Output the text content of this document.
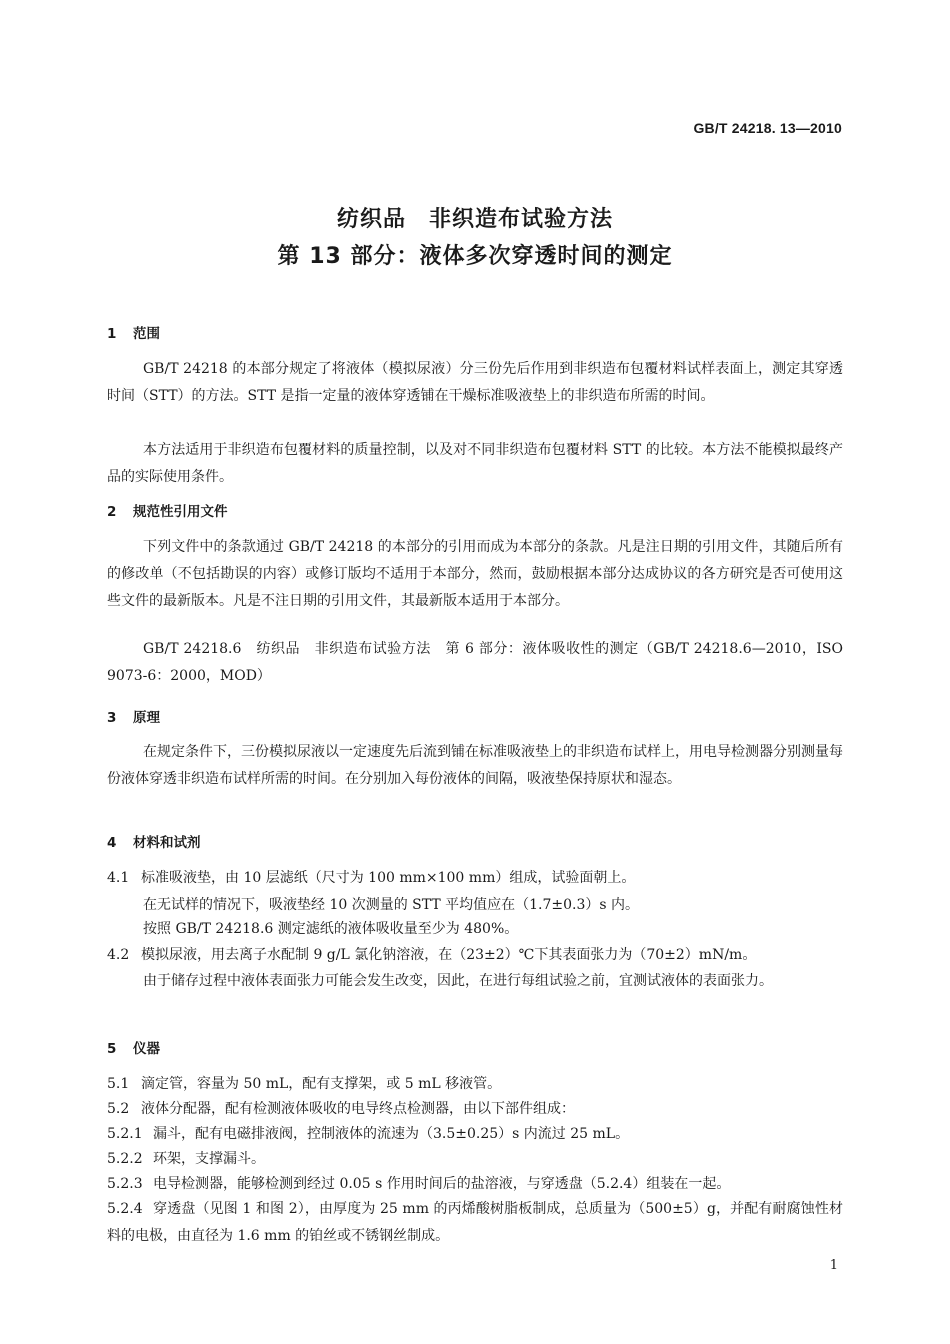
GB/T 24218. 13—2010
纺织品　非织造布试验方法
第 13 部分：液体多次穿透时间的测定
1 范围
GB/T 24218 的本部分规定了将液体（模拟尿液）分三份先后作用到非织造布包覆材料试样表面上，测定其穿透时间（STT）的方法。STT 是指一定量的液体穿透铺在干燥标准吸液垫上的非织造布所需的时间。
本方法适用于非织造布包覆材料的质量控制，以及对不同非织造布包覆材料 STT 的比较。本方法不能模拟最终产品的实际使用条件。
2 规范性引用文件
下列文件中的条款通过 GB/T 24218 的本部分的引用而成为本部分的条款。凡是注日期的引用文件，其随后所有的修改单（不包括勘误的内容）或修订版均不适用于本部分，然而，鼓励根据本部分达成协议的各方研究是否可使用这些文件的最新版本。凡是不注日期的引用文件，其最新版本适用于本部分。
GB/T 24218.6　纺织品　非织造布试验方法　第 6 部分：液体吸收性的测定（GB/T 24218.6—2010，ISO 9073-6：2000，MOD）
3 原理
在规定条件下，三份模拟尿液以一定速度先后流到铺在标准吸液垫上的非织造布试样上，用电导检测器分别测量每份液体穿透非织造布试样所需的时间。在分别加入每份液体的间隔，吸液垫保持原状和湿态。
4 材料和试剂
4.1 标准吸液垫，由 10 层滤纸（尺寸为 100 mm×100 mm）组成，试验面朝上。
在无试样的情况下，吸液垫经 10 次测量的 STT 平均值应在（1.7±0.3）s 内。
按照 GB/T 24218.6 测定滤纸的液体吸收量至少为 480%。
4.2 模拟尿液，用去离子水配制 9 g/L 氯化钠溶液，在（23±2）℃下其表面张力为（70±2）mN/m。
由于储存过程中液体表面张力可能会发生改变，因此，在进行每组试验之前，宜测试液体的表面张力。
5 仪器
5.1 滴定管，容量为 50 mL，配有支撑架，或 5 mL 移液管。
5.2 液体分配器，配有检测液体吸收的电导终点检测器，由以下部件组成：
5.2.1 漏斗，配有电磁排液阀，控制液体的流速为（3.5±0.25）s 内流过 25 mL。
5.2.2 环架，支撑漏斗。
5.2.3 电导检测器，能够检测到经过 0.05 s 作用时间后的盐溶液，与穿透盘（5.2.4）组装在一起。
5.2.4 穿透盘（见图 1 和图 2），由厚度为 25 mm 的丙烯酸树脂板制成，总质量为（500±5）g，并配有耐腐蚀性材料的电极，由直径为 1.6 mm 的铂丝或不锈钢丝制成。
1
